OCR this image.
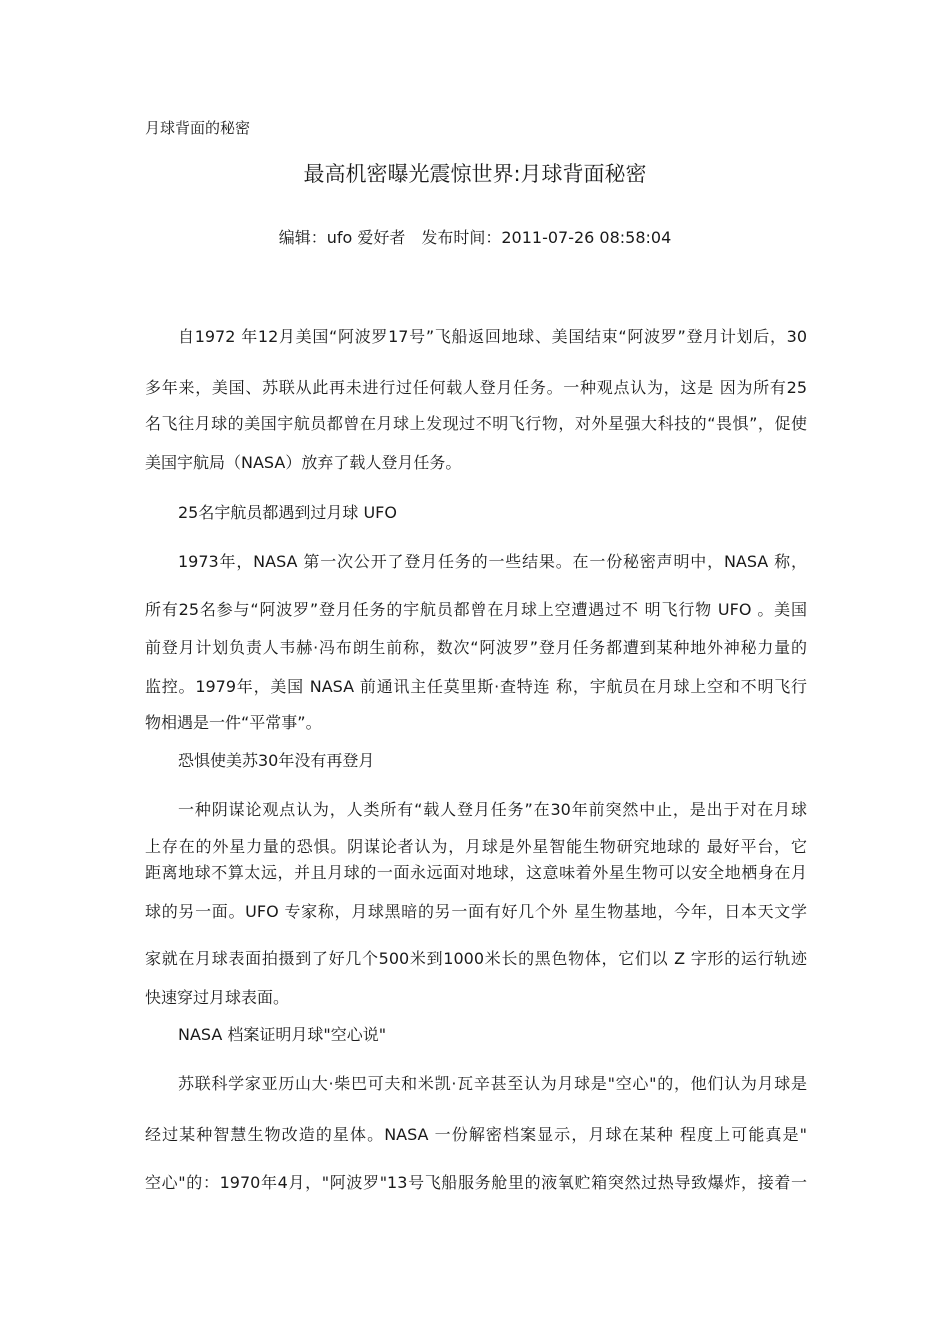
月球背面的秘密
最高机密曝光震惊世界:月球背面秘密
编辑：ufo 爱好者　发布时间：2011-07-26 08:58:04
自1972 年12月美国“阿波罗17号”飞船返回地球、美国结束“阿波罗”登月计划后，30
多年来，美国、苏联从此再未进行过任何载人登月任务。一种观点认为，这是 因为所有25
名飞往月球的美国宇航员都曾在月球上发现过不明飞行物，对外星强大科技的“畏惧”，促使
美国宇航局（NASA）放弃了载人登月任务。
25名宇航员都遇到过月球 UFO
1973年，NASA 第一次公开了登月任务的一些结果。在一份秘密声明中，NASA 称，
所有25名参与“阿波罗”登月任务的宇航员都曾在月球上空遭遇过不 明飞行物 UFO 。美国
前登月计划负责人韦赫·冯布朗生前称，数次“阿波罗”登月任务都遭到某种地外神秘力量的
监控。1979年，美国 NASA 前通讯主任莫里斯·查特连 称，宇航员在月球上空和不明飞行
物相遇是一件“平常事”。
恐惧使美苏30年没有再登月
一种阴谋论观点认为，人类所有“载人登月任务”在30年前突然中止，是出于对在月球
上存在的外星力量的恐惧。阴谋论者认为，月球是外星智能生物研究地球的 最好平台，它
距离地球不算太远，并且月球的一面永远面对地球，这意味着外星生物可以安全地栖身在月
球的另一面。UFO 专家称，月球黑暗的另一面有好几个外 星生物基地，今年，日本天文学
家就在月球表面拍摄到了好几个500米到1000米长的黑色物体，它们以 Z 字形的运行轨迹
快速穿过月球表面。
NASA 档案证明月球"空心说"
苏联科学家亚历山大·柴巴可夫和米凯·瓦辛甚至认为月球是"空心"的，他们认为月球是
经过某种智慧生物改造的星体。NASA 一份解密档案显示，月球在某种 程度上可能真是"
空心"的：1970年4月，"阿波罗"13号飞船服务舱里的液氧贮箱突然过热导致爆炸，接着一
